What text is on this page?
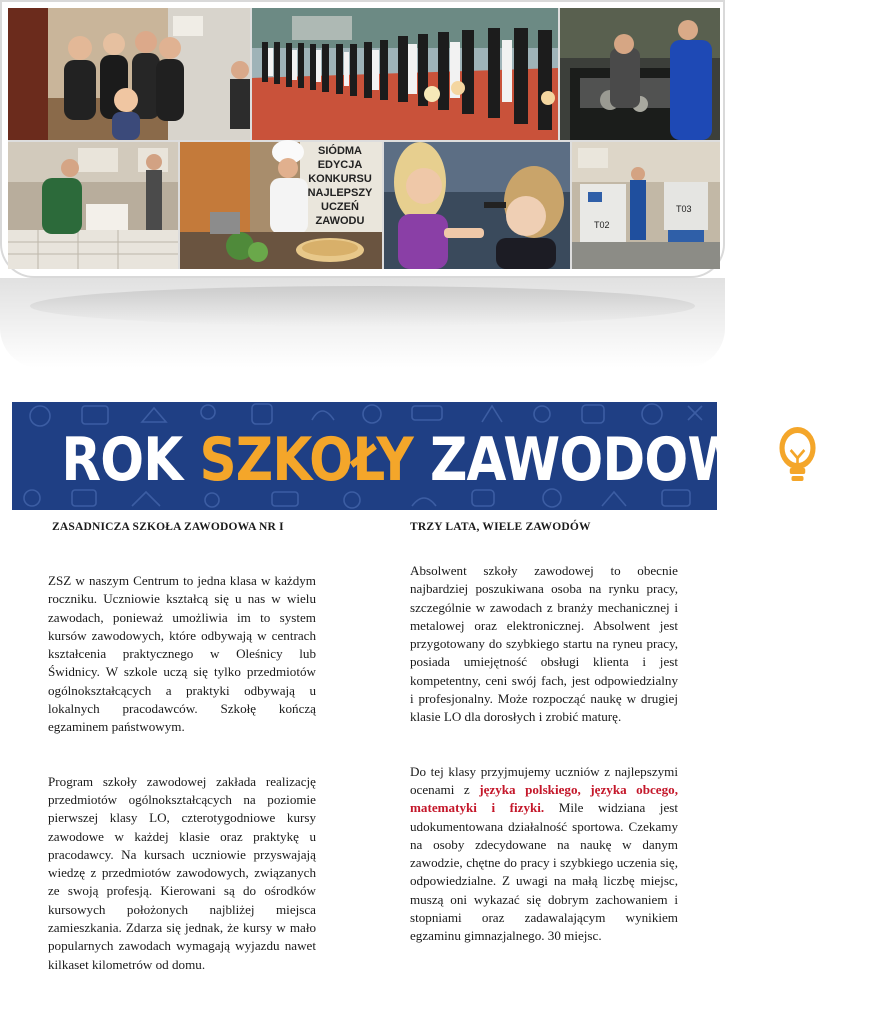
SIÓDMA
EDYCJA
KONKURSU
NAJLEPSZY
UCZEŃ
ZAWODU	T02
T03
ROK SZKOŁY ZAWODOWC W
ZASADNICZA SZKOŁA ZAWODOWA NR I

ZSZ w naszym Centrum to jedna klasa w każdym roczniku. Uczniowie kształcą się u nas w wielu zawodach, ponieważ umożliwia im to system kursów zawodowych, które odbywają w centrach kształcenia praktycznego w Oleśnicy lub Świdnicy. W szkole uczą się tylko przedmiotów ogólnokształcących a praktyki odbywają u lokalnych pracodawców. Szkołę kończą egzaminem państwowym.

Program szkoły zawodowej zakłada realizację przedmiotów ogólnokształcących na poziomie pierwszej klasy LO, czterotygodniowe kursy zawodowe w każdej klasie oraz praktykę u pracodawcy. Na kursach uczniowie przyswajają wiedzę z przedmiotów zawodowych, związanych ze swoją profesją. Kierowani są do ośrodków kursowych położonych najbliżej miejsca zamieszkania. Zdarza się jednak, że kursy w mało popularnych zawodach wymagają wyjazdu nawet kilkaset kilometrów od domu.

TRZY LATA, WIELE ZAWODÓW

Absolwent szkoły zawodowej to obecnie najbardziej poszukiwana osoba na rynku pracy, szczególnie w zawodach z branży mechanicznej i metalowej oraz elektronicznej. Absolwent jest przygotowany do szybkiego startu na ryneu pracy, posiada umiejętność obsługi klienta i jest kompetentny, ceni swój fach, jest odpowiedzialny i profesjonalny. Może rozpocząć naukę w drugiej klasie LO dla dorosłych i zrobić maturę.

Do tej klasy przyjmujemy uczniów z najlepszymi ocenami z języka polskiego, języka obcego, matematyki i fizyki. Mile widziana jest udokumentowana działalność sportowa. Czekamy na osoby zdecydowane na naukę w danym zawodzie, chętne do pracy i szybkiego uczenia się, odpowiedzialne. Z uwagi na małą liczbę miejsc, muszą oni wykazać się dobrym zachowaniem i stopniami oraz zadawalającym wynikiem egzaminu gimnazjalnego. 30 miejsc.
